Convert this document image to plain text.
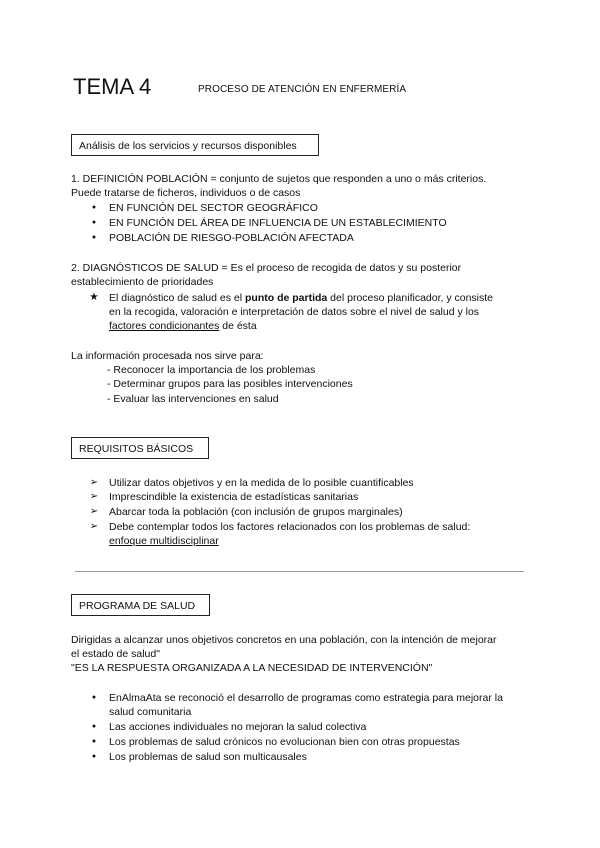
TEMA 4	PROCESO DE ATENCIÓN EN ENFERMERÍA
Análisis de los servicios y recursos disponibles
1. DEFINICIÓN POBLACIÓN = conjunto de sujetos que responden a uno o más criterios.
Puede tratarse de ficheros, individuos o de casos
●	EN FUNCIÓN DEL SECTOR GEOGRÁFICO
●	EN FUNCIÓN DEL ÁREA DE INFLUENCIA DE UN ESTABLECIMIENTO
●	POBLACIÓN DE RIESGO-POBLACIÓN AFECTADA
2. DIAGNÓSTICOS DE SALUD = Es el proceso de recogida de datos y su posterior
establecimiento de prioridades
★ El diagnóstico de salud es el punto de partida del proceso planificador, y consiste
en la recogida, valoración e interpretación de datos sobre el nivel de salud y los
factores condicionantes de ésta
La información procesada nos sirve para:
- Reconocer la importancia de los problemas
- Determinar grupos para las posibles intervenciones
- Evaluar las intervenciones en salud
REQUISITOS BÁSICOS
➢ Utilizar datos objetivos y en la medida de lo posible cuantificables
➢ Imprescindible la existencia de estadísticas sanitarias
➢ Abarcar toda la población (con inclusión de grupos marginales)
➢ Debe contemplar todos los factores relacionados con los problemas de salud:
enfoque multidisciplinar
PROGRAMA DE SALUD
Dirigidas a alcanzar unos objetivos concretos en una población, con la intención de mejorar
el estado de salud"
"ES LA RESPUESTA ORGANIZADA A LA NECESIDAD DE INTERVENCIÓN"
●	EnAlmaAta se reconoció el desarrollo de programas como estrategia para mejorar la
salud comunitaria
●	Las acciones individuales no mejoran la salud colectiva
●	Los problemas de salud crónicos no evolucionan bien con otras propuestas
●	Los problemas de salud son multicausales
